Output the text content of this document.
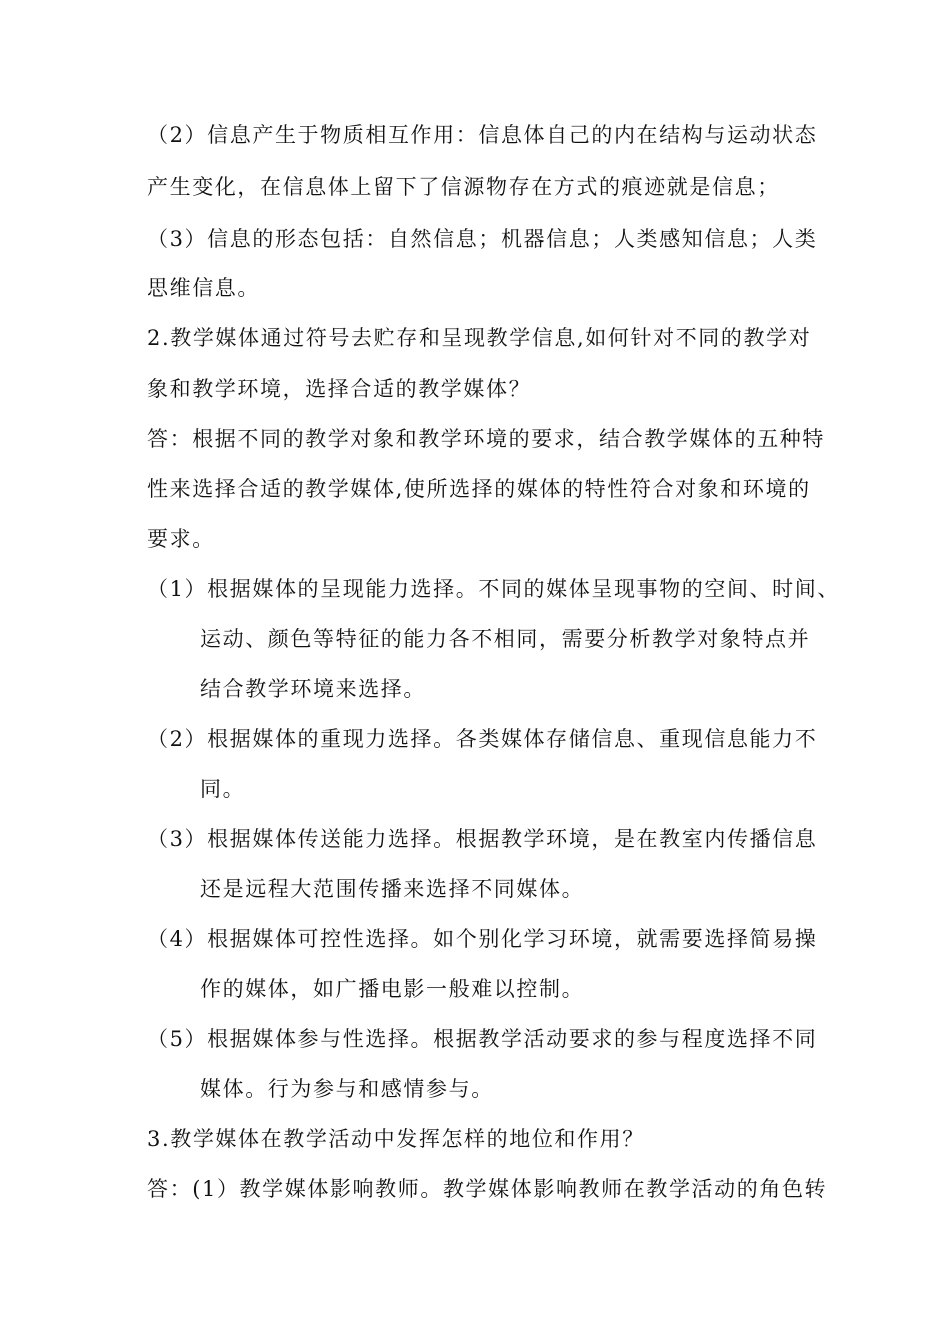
（2）信息产生于物质相互作用：信息体自己的内在结构与运动状态
产生变化，在信息体上留下了信源物存在方式的痕迹就是信息；
（3）信息的形态包括：自然信息；机器信息；人类感知信息；人类
思维信息。
2.教学媒体通过符号去贮存和呈现教学信息,如何针对不同的教学对
象和教学环境，选择合适的教学媒体？
答：根据不同的教学对象和教学环境的要求，结合教学媒体的五种特
性来选择合适的教学媒体,使所选择的媒体的特性符合对象和环境的
要求。
（1）根据媒体的呈现能力选择。不同的媒体呈现事物的空间、时间、
运动、颜色等特征的能力各不相同，需要分析教学对象特点并
结合教学环境来选择。
（2）根据媒体的重现力选择。各类媒体存储信息、重现信息能力不
同。
（3）根据媒体传送能力选择。根据教学环境，是在教室内传播信息
还是远程大范围传播来选择不同媒体。
（4）根据媒体可控性选择。如个别化学习环境，就需要选择简易操
作的媒体，如广播电影一般难以控制。
（5）根据媒体参与性选择。根据教学活动要求的参与程度选择不同
媒体。行为参与和感情参与。
3.教学媒体在教学活动中发挥怎样的地位和作用？
答：(1）教学媒体影响教师。教学媒体影响教师在教学活动的角色转
